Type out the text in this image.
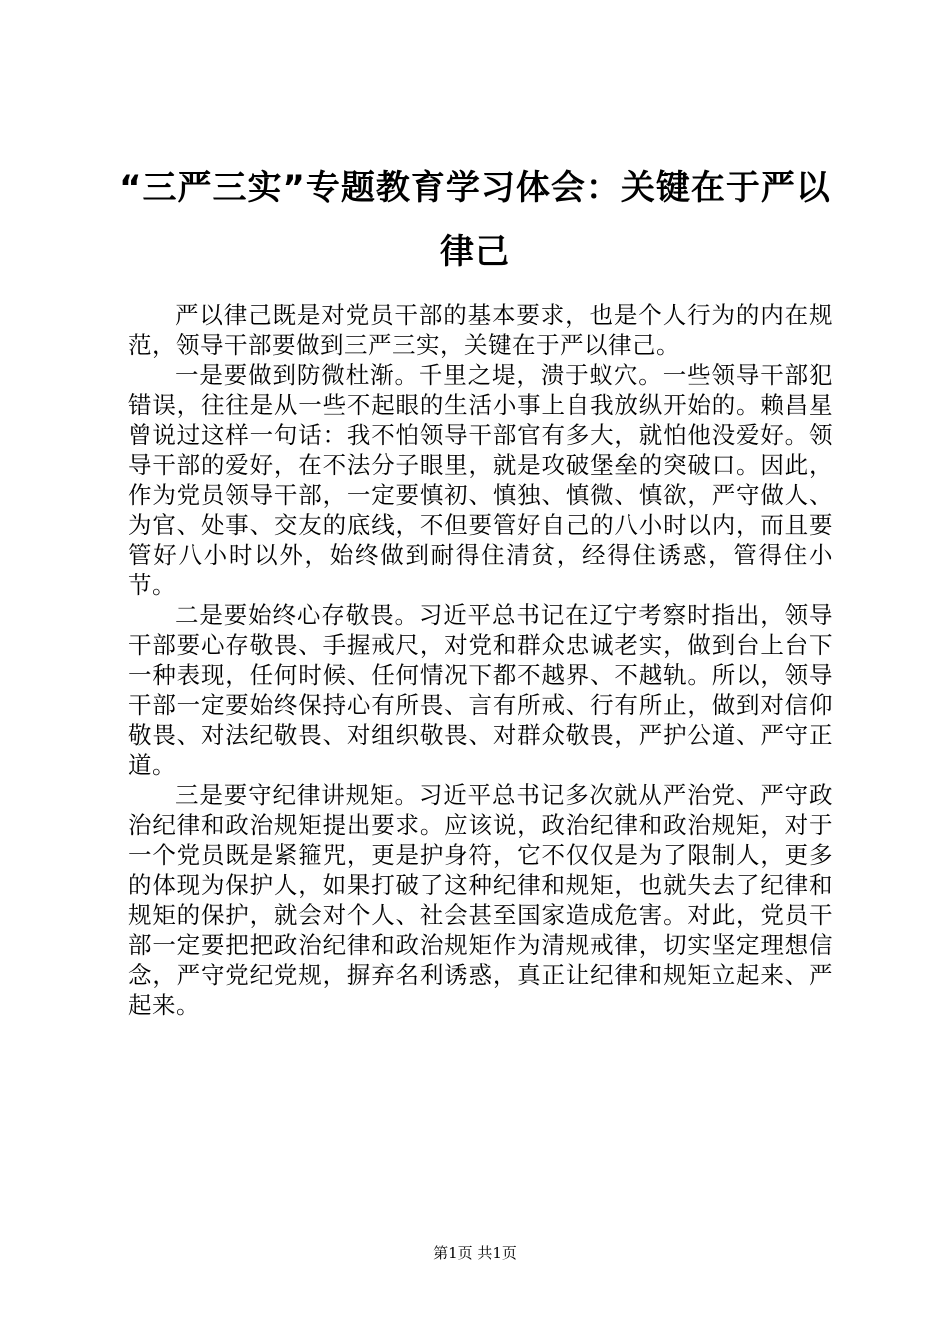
“三严三实”专题教育学习体会：关键在于严以律己

严以律己既是对党员干部的基本要求，也是个人行为的内在规范，领导干部要做到三严三实，关键在于严以律己。

一是要做到防微杜渐。千里之堤，溃于蚁穴。一些领导干部犯错误，往往是从一些不起眼的生活小事上自我放纵开始的。赖昌星曾说过这样一句话：我不怕领导干部官有多大，就怕他没爱好。领导干部的爱好，在不法分子眼里，就是攻破堡垒的突破口。因此，作为党员领导干部，一定要慎初、慎独、慎微、慎欲，严守做人、为官、处事、交友的底线，不但要管好自己的八小时以内，而且要管好八小时以外，始终做到耐得住清贫，经得住诱惑，管得住小节。

二是要始终心存敬畏。习近平总书记在辽宁考察时指出，领导干部要心存敬畏、手握戒尺，对党和群众忠诚老实，做到台上台下一种表现，任何时候、任何情况下都不越界、不越轨。所以，领导干部一定要始终保持心有所畏、言有所戒、行有所止，做到对信仰敬畏、对法纪敬畏、对组织敬畏、对群众敬畏，严护公道、严守正道。

三是要守纪律讲规矩。习近平总书记多次就从严治党、严守政治纪律和政治规矩提出要求。应该说，政治纪律和政治规矩，对于一个党员既是紧箍咒，更是护身符，它不仅仅是为了限制人，更多的体现为保护人，如果打破了这种纪律和规矩，也就失去了纪律和规矩的保护，就会对个人、社会甚至国家造成危害。对此，党员干部一定要把把政治纪律和政治规矩作为清规戒律，切实坚定理想信念，严守党纪党规，摒弃名利诱惑，真正让纪律和规矩立起来、严起来。

第1页 共1页
